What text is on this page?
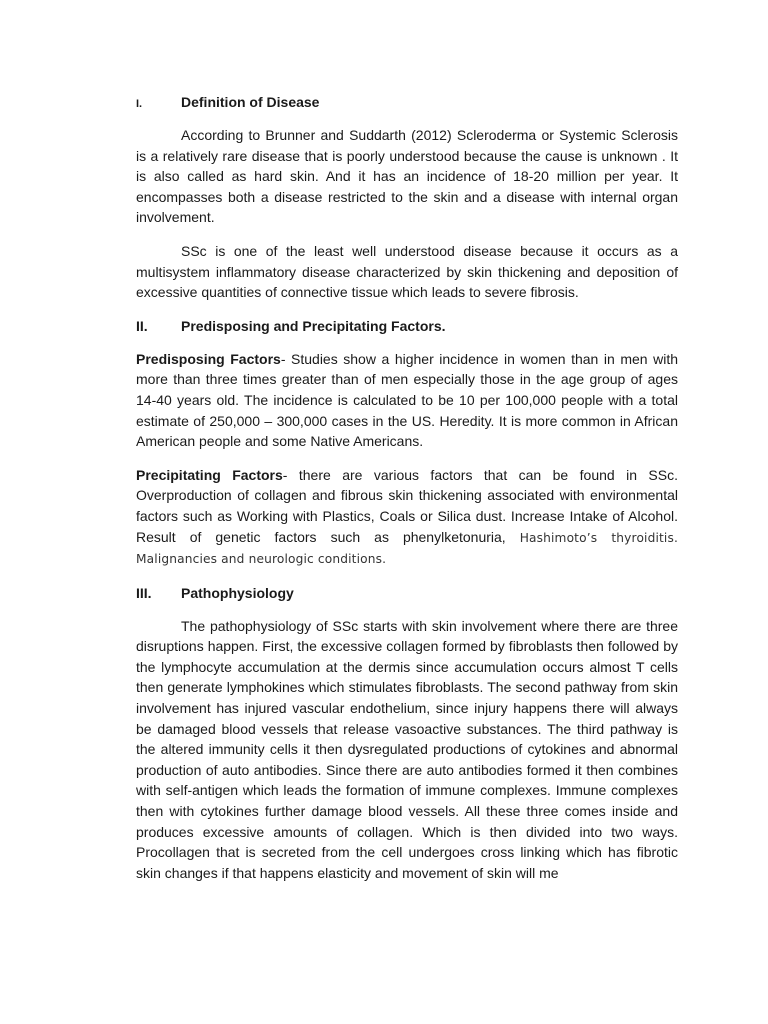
I.	Definition of Disease

According to Brunner and Suddarth (2012) Scleroderma or Systemic Sclerosis is a relatively rare disease that is poorly understood because the cause is unknown . It is also called as hard skin. And it has an incidence of 18-20 million per year. It encompasses both a disease restricted to the skin and a disease with internal organ involvement.

SSc is one of the least well understood disease because it occurs as a multisystem inflammatory disease characterized by skin thickening and deposition of excessive quantities of connective tissue which leads to severe fibrosis.

II.	Predisposing and Precipitating Factors.

Predisposing Factors- Studies show a higher incidence in women than in men with more than three times greater than of men especially those in the age group of ages 14-40 years old. The incidence is calculated to be 10 per 100,000 people with a total estimate of 250,000 – 300,000 cases in the US. Heredity. It is more common in African American people and some Native Americans.

Precipitating Factors- there are various factors that can be found in SSc. Overproduction of collagen and fibrous skin thickening associated with environmental factors such as Working with Plastics, Coals or Silica dust. Increase Intake of Alcohol. Result of genetic factors such as phenylketonuria, Hashimoto’s thyroiditis. Malignancies and neurologic conditions.

III.	Pathophysiology

The pathophysiology of SSc starts with skin involvement where there are three disruptions happen. First, the excessive collagen formed by fibroblasts then followed by the lymphocyte accumulation at the dermis since accumulation occurs almost T cells then generate lymphokines which stimulates fibroblasts. The second pathway from skin involvement has injured vascular endothelium, since injury happens there will always be damaged blood vessels that release vasoactive substances. The third pathway is the altered immunity cells it then dysregulated productions of cytokines and abnormal production of auto antibodies. Since there are auto antibodies formed it then combines with self-antigen which leads the formation of immune complexes. Immune complexes then with cytokines further damage blood vessels. All these three comes inside and produces excessive amounts of collagen. Which is then divided into two ways. Procollagen that is secreted from the cell undergoes cross linking which has fibrotic skin changes if that happens elasticity and movement of skin will me
